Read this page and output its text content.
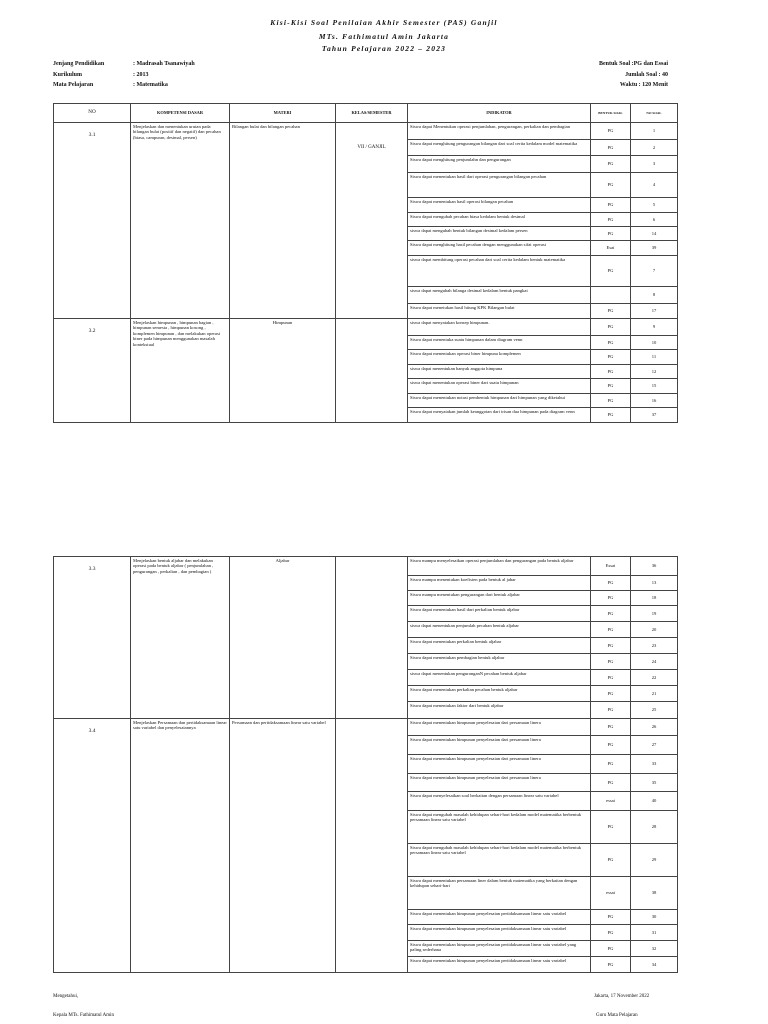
Kisi-Kisi Soal Penilaian Akhir Semester (PAS) Ganjil
MTs. Fathimatul Amin Jakarta
Tahun Pelajaran 2022 – 2023
Jenjang Pendidikan	: Madrasah Tsanawiyah
Kurikulum	: 2013
Mata Pelajaran	: Matematika
Bentuk Soal :PG dan Essai
Jumlah Soal : 40
Waktu : 120 Menit
NO	KOMPETENSI DASAR	MATERI	KELAS/SEMESTER	INDIKATOR	BENTUK SOAL	NO SOAL
3.1	Menjelaskan dan menentukan urutan pada bilangan bulat (positif dan negatif) dan pecahan (biasa, campuran, desimal, persen)	Bilangan bulat dan bilangan pecahan	VII / GANJIL	Siswa dapat Menentukan operasi penjumlahan, pengurangan, perkalian dan pembagian	PG	1
				Siswa dapat menghitung pengurangan bilangan dari soal cerita kedalam model matematika	PG	2
				Siswa dapat menghitung penjumlahn dan pengurangan	PG	3
				Siswa dapat menentukan hasil dari operasi pengurangan bilangan pecahan	PG	4
				Siswa dapat menentukan hasil operasi bilangan pecahan	PG	5
				Siswa dapat mengubah pecahan biasa kedalam bentuk desimal	PG	6
				siswa dapat mengubah bentuk bilangan desimal kedalam persen	PG	14
				Siswa dapat menghitung hasil pecahan dengan menggunakan sifat operasi	Esai	39
				siswa dapat membitung operasi pecahan dari soal cerita kedalam bentuk matematika	PG	7
				siswa dapat mengubah bilanga desimal kedalam bentuk pangkat		8
				Siswa dapat menetukan hasil hitung KPK Bilangan bulat	PG	17
3.2	Menjelaskan himpunan , himpunan bagian , himpunan semesta , himpunan kosong , komplemen himpunan , dan melakukan operasi biner pada himpunan menggunakan masalah kontekstual	Himpunan		siswa dapat menyatakan konsep himpunan.	PG	9
				Siswa dapat menentuka suatu himpunan dalam diagram venn	PG	10
				Siswa dapat menentukan operasi biner himpuna komplemen	PG	11
				siswa dapat menentukan banyak anggota himpuna	PG	12
				siswa dapat menentukan operasi biner dari suatu himpunan	PG	15
				Siswa dapat menentukan notasi pembentuk himpunan dari himpunan yang diketahui	PG	16
				Siswa dapat menyatakan jumlah keanggotan dari irisan dua himpunan pada diagram venn	PG	37
3.3	Menjelaskan bentuk aljabar dan melakukan operasi pada bentuk aljabar ( penjumlahan , pengurangan , perkalian , dan pembagian )	Aljabar		Siswa mampu menyelesaikan operasi penjumlahan dan pengurangan pada bentuk aljabar	Essai	36
				Siswa mampu menentukan koefisien pada bentuk al jabar	PG	13
				Siswa mampu menentukan pengurangan dari bentuk aljabar	PG	18
				Siswa dapat menentukan hasil dari perkalian bentuk aljabar	PG	19
				siswa dapat menentukan penjumlah pecahan bentuk aljabar	PG	20
				Siswa dapat menentukan perkalian bentuk aljabar	PG	23
				Siswa dapat menentukan pembagian bentuk aljabar	PG	24
				siswa dapat menentukan penguranganN pecahan bentuk aljabar	PG	22
				Siswa dapat menentukan perkalian pecahan bentuk aljabar	PG	21
				Siswa dapat menentukan faktor dari bentuk aljabar	PG	25
3.4	Menjelaskan Persamaan dan pertidaksamaan linear satu variabel dan penyelesaiannya	Persamaan dan pertidaksamaan linear satu variabel		Siswa dapat menentukan himpunan penyelesaian dari persamaan linera	PG	26
				Siswa dapat menentukan himpunan penyelesaian dari persamaan linera	PG	27
				Siswa dapat menentukan himpunan penyelesaian dari persamaan linera	PG	33
				Siswa dapat menentukan himpunan penyelesaian dari persamaan linera	PG	35
				Siswa dapat menyelesaikan soal berkaitan dengan persamaan linear satu variabel	essai	40
				Siswa dapat mengubah masalah kehidupan sehari-hari kedalam model matematika berbentuk persamaan linear satu variabel	PG	28
				Siswa dapat mengubah masalah kehidupan sehari-hari kedalam model matematika berbentuk persamaan linear satu variabel	PG	29
				Siswa dapat menentukan persamaan liner dalam bentuk matematika yang berkaitan dengan kehidupan sehari-hari	essai	38
				Siswa dapat menentukan himpunan penyelesaian pertidaksamaan linear satu variabel	PG	30
				Siswa dapat menentukan himpunan penyelesaian pertidaksamaan linear satu variabel	PG	31
				Siswa dapat menentukan himpunan penyelesaian pertidaksamaan linear satu variabel yang paling sederhana	PG	32
				Siswa dapat menentukan himpunan penyelesaian pertidaksamaan linear satu variabel	PG	34
Mengetahui,
Kepala MTs. Fathimatul Amin
Jakarta, 17 November 2022
Guru Mata Pelajaran
